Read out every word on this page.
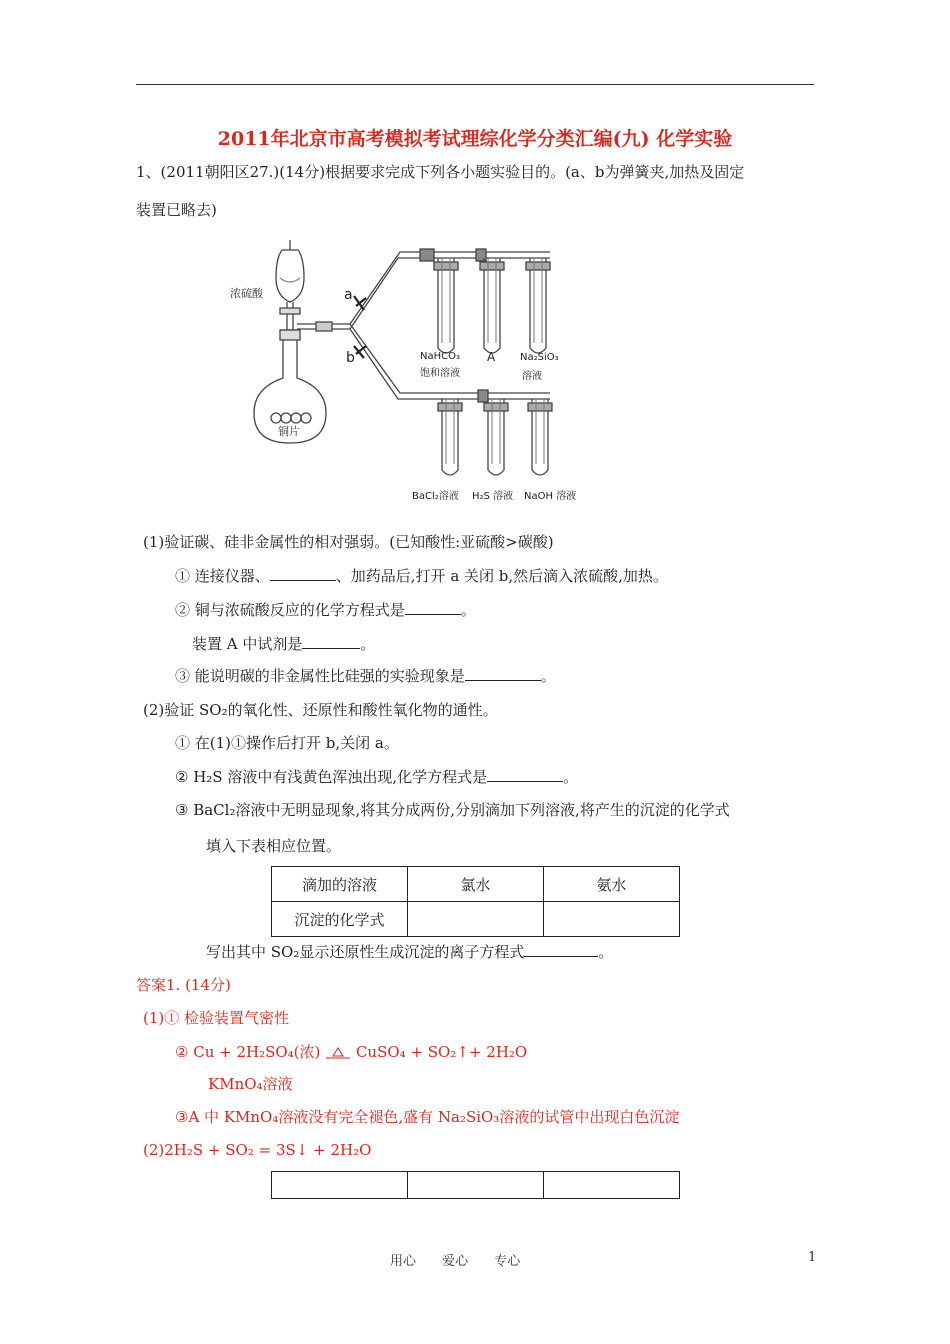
2011年北京市高考模拟考试理综化学分类汇编(九) 化学实验
1、(2011朝阳区27.)(14分)根据要求完成下列各小题实验目的。(a、b为弹簧夹,加热及固定
装置已略去)
浓硫酸
铜片
a
b	NaHCO₃
饱和溶液
A Na₂SiO₃
溶液
BaCl₂溶液 H₂S 溶液 NaOH 溶液
(1)验证碳、硅非金属性的相对强弱。(已知酸性:亚硫酸>碳酸)
① 连接仪器、	、加药品后,打开 a 关闭 b,然后滴入浓硫酸,加热。
② 铜与浓硫酸反应的化学方程式是	。
装置 A 中试剂是	。
③ 能说明碳的非金属性比硅强的实验现象是	。
(2)验证 SO₂的氧化性、还原性和酸性氧化物的通性。
① 在(1)①操作后打开 b,关闭 a。
② H₂S 溶液中有浅黄色浑浊出现,化学方程式是	。
③ BaCl₂溶液中无明显现象,将其分成两份,分别滴加下列溶液,将产生的沉淀的化学式
填入下表相应位置。
滴加的溶液	氯水	氨水
沉淀的化学式		
写出其中 SO₂显示还原性生成沉淀的离子方程式	。
答案1. (14分)
(1)① 检验装置气密性
② Cu + 2H₂SO₄(浓) CuSO₄ + SO₂↑+ 2H₂O
KMnO₄溶液
③A 中 KMnO₄溶液没有完全褪色,盛有 Na₂SiO₃溶液的试管中出现白色沉淀
(2)2H₂S + SO₂ = 3S↓ + 2H₂O

用心 爱心 专心	1
